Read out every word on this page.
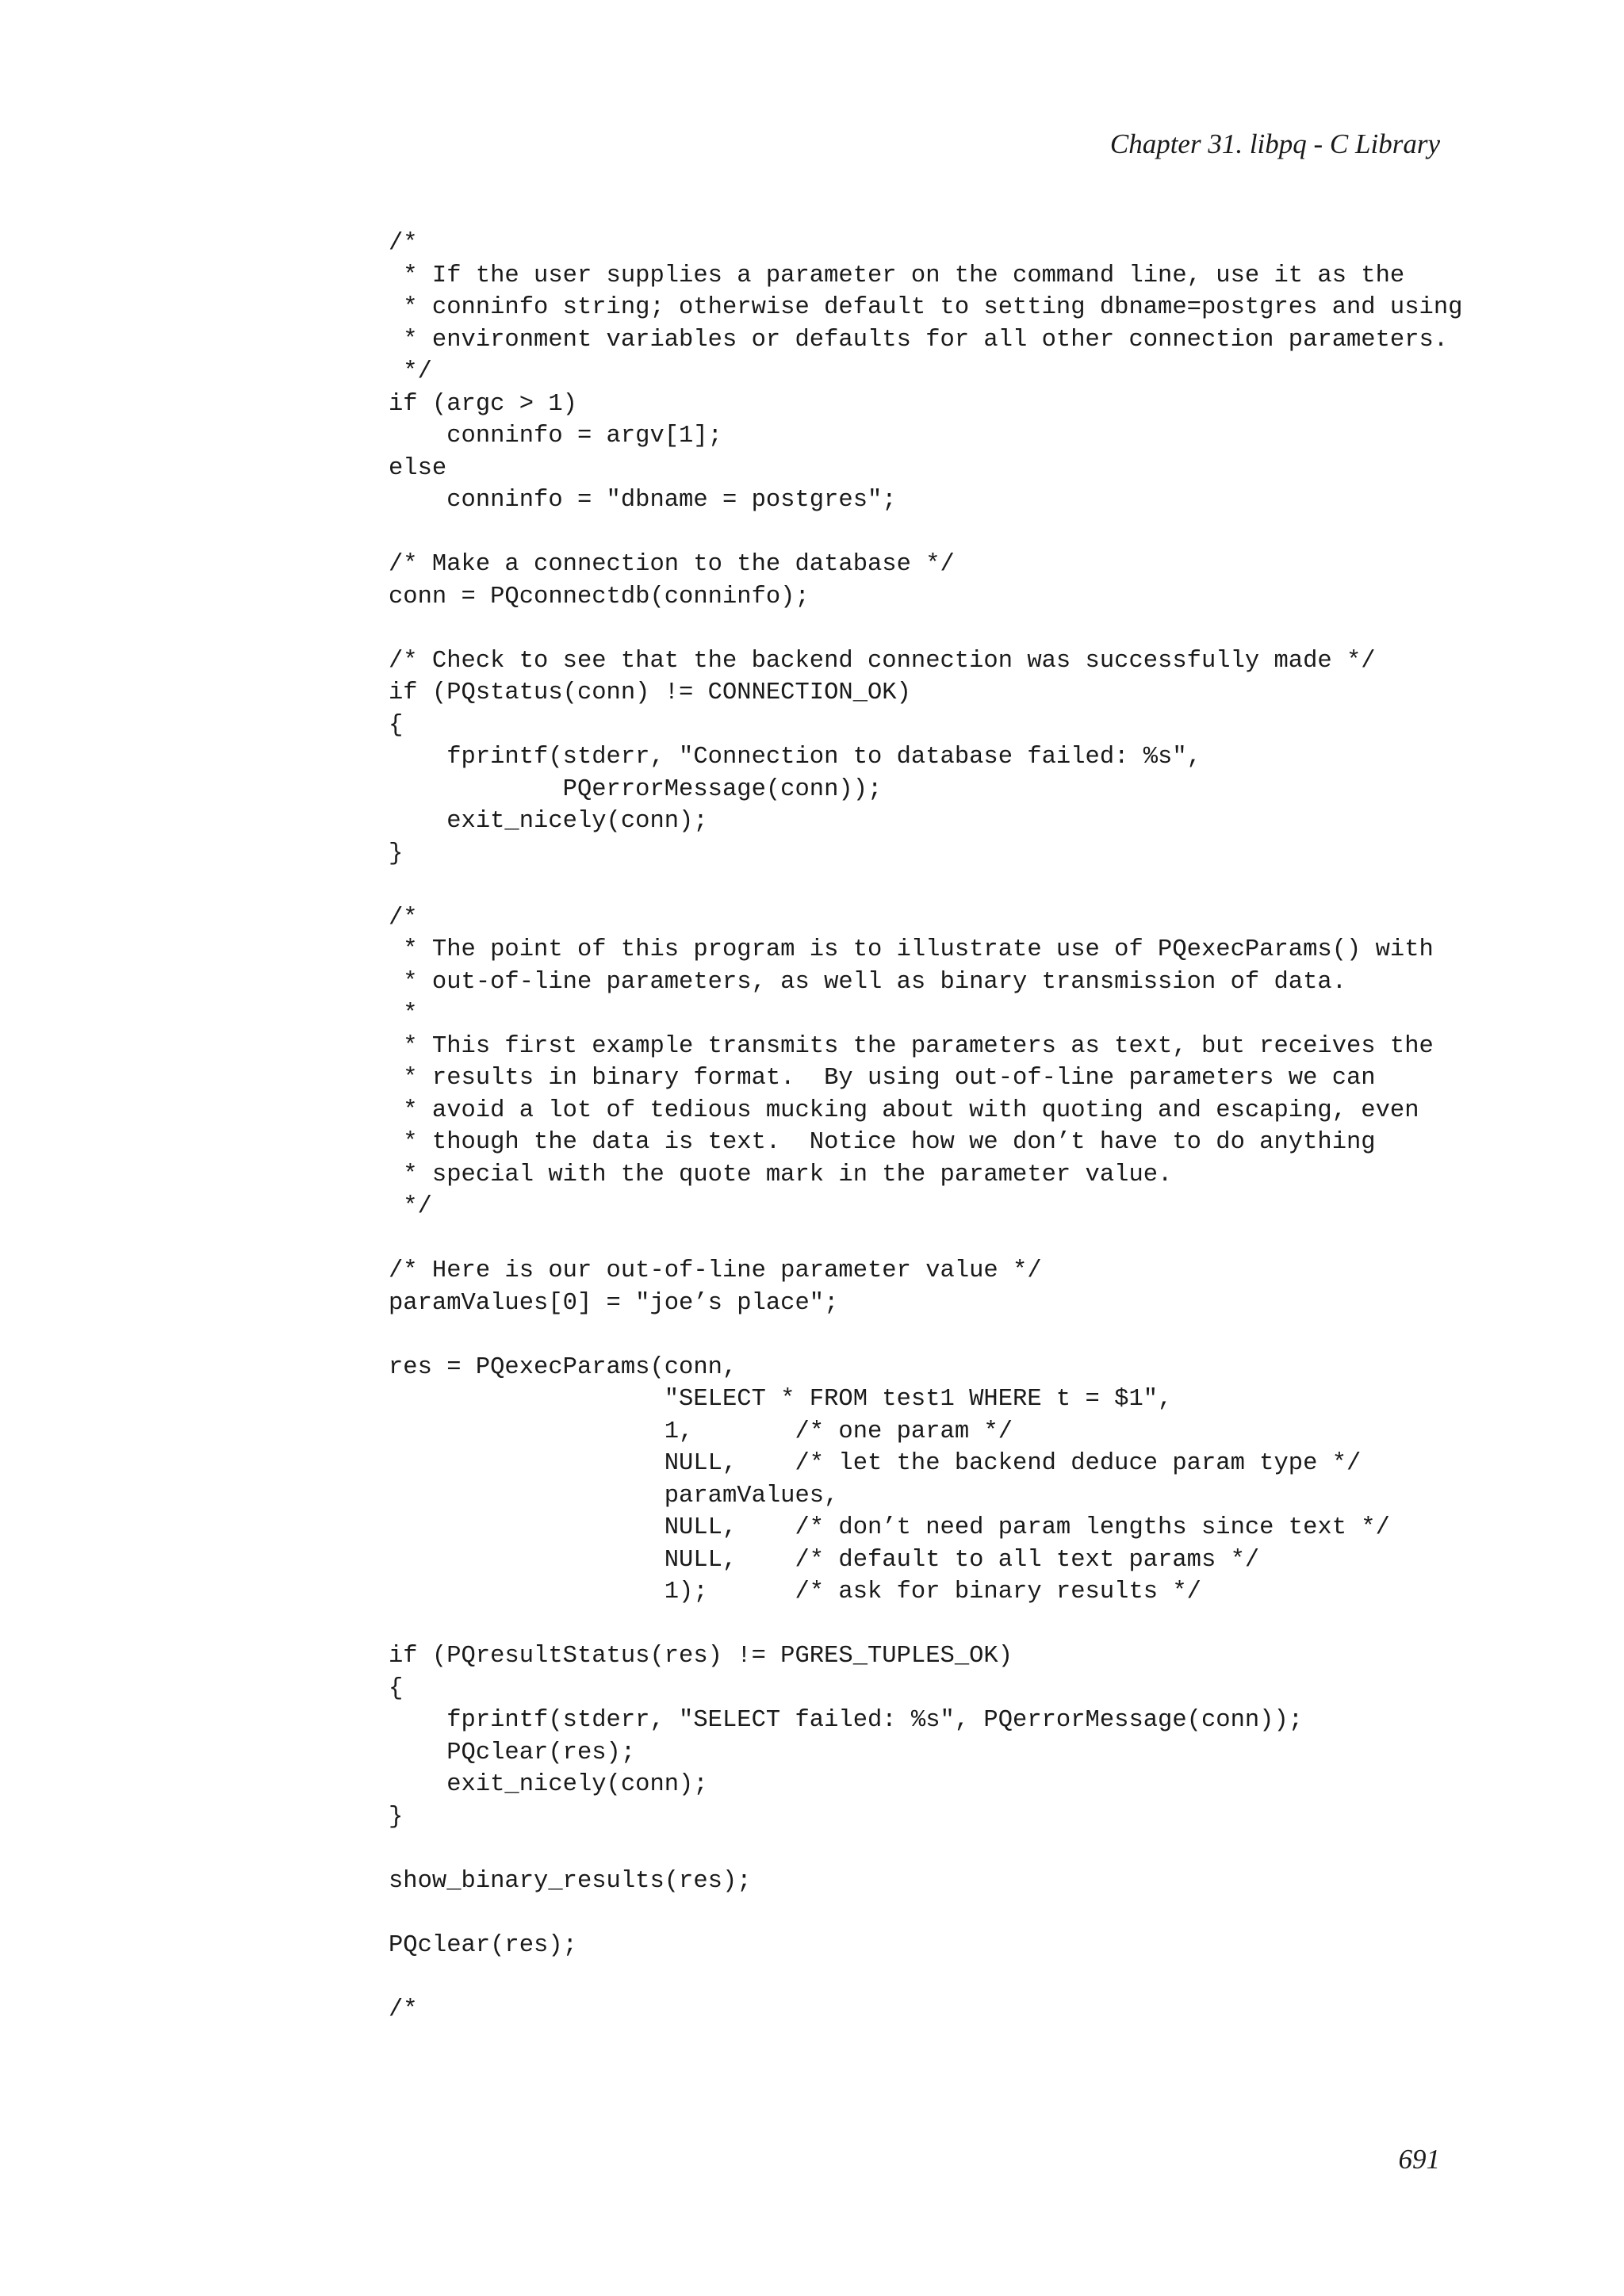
Chapter 31. libpq - C Library
/*
* If the user supplies a parameter on the command line, use it as the
* conninfo string; otherwise default to setting dbname=postgres and using
* environment variables or defaults for all other connection parameters.
*/
if (argc > 1)
conninfo = argv[1];
else
conninfo = "dbname = postgres";
/* Make a connection to the database */
conn = PQconnectdb(conninfo);
/* Check to see that the backend connection was successfully made */
if (PQstatus(conn) != CONNECTION_OK)
{
fprintf(stderr, "Connection to database failed: %s",
PQerrorMessage(conn));
exit_nicely(conn);
}
/*
* The point of this program is to illustrate use of PQexecParams() with
* out-of-line parameters, as well as binary transmission of data.
*
* This first example transmits the parameters as text, but receives the
* results in binary format.  By using out-of-line parameters we can
* avoid a lot of tedious mucking about with quoting and escaping, even
* though the data is text.  Notice how we don’t have to do anything
* special with the quote mark in the parameter value.
*/
/* Here is our out-of-line parameter value */
paramValues[0] = "joe’s place";
res = PQexecParams(conn,
"SELECT * FROM test1 WHERE t = $1",
1,       /* one param */
NULL,    /* let the backend deduce param type */
paramValues,
NULL,    /* don’t need param lengths since text */
NULL,    /* default to all text params */
1);      /* ask for binary results */
if (PQresultStatus(res) != PGRES_TUPLES_OK)
{
fprintf(stderr, "SELECT failed: %s", PQerrorMessage(conn));
PQclear(res);
exit_nicely(conn);
}
show_binary_results(res);
PQclear(res);
/*
691
